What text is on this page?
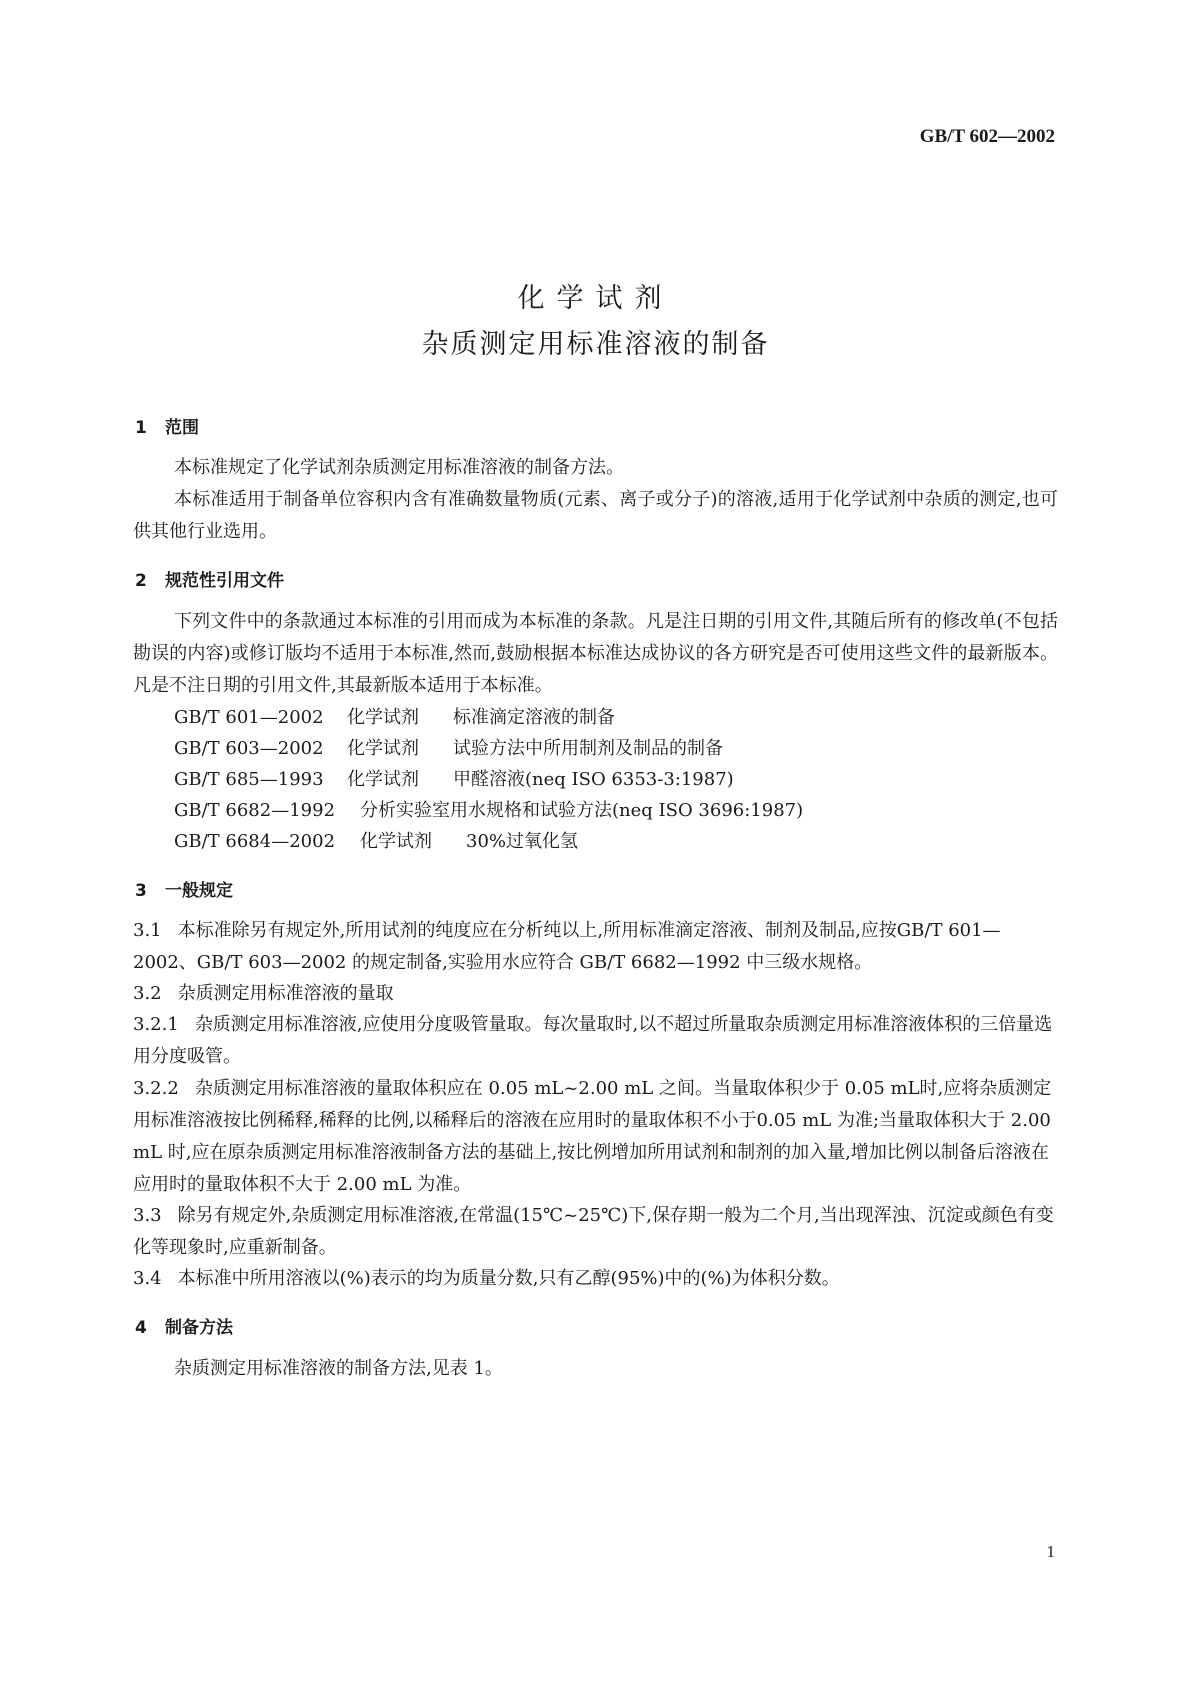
GB/T 602—2002
化学试剂
杂质测定用标准溶液的制备
1 范围
本标准规定了化学试剂杂质测定用标准溶液的制备方法。
本标准适用于制备单位容积内含有准确数量物质(元素、离子或分子)的溶液,适用于化学试剂中杂质的测定,也可供其他行业选用。
2 规范性引用文件
下列文件中的条款通过本标准的引用而成为本标准的条款。凡是注日期的引用文件,其随后所有的修改单(不包括勘误的内容)或修订版均不适用于本标准,然而,鼓励根据本标准达成协议的各方研究是否可使用这些文件的最新版本。凡是不注日期的引用文件,其最新版本适用于本标准。
GB/T 601—2002 化学试剂 标准滴定溶液的制备
GB/T 603—2002 化学试剂 试验方法中所用制剂及制品的制备
GB/T 685—1993 化学试剂 甲醛溶液(neq ISO 6353-3:1987)
GB/T 6682—1992 分析实验室用水规格和试验方法(neq ISO 3696:1987)
GB/T 6684—2002 化学试剂 30%过氧化氢
3 一般规定
3.1 本标准除另有规定外,所用试剂的纯度应在分析纯以上,所用标准滴定溶液、制剂及制品,应按GB/T 601—2002、GB/T 603—2002 的规定制备,实验用水应符合 GB/T 6682—1992 中三级水规格。
3.2 杂质测定用标准溶液的量取
3.2.1 杂质测定用标准溶液,应使用分度吸管量取。每次量取时,以不超过所量取杂质测定用标准溶液体积的三倍量选用分度吸管。
3.2.2 杂质测定用标准溶液的量取体积应在 0.05 mL~2.00 mL 之间。当量取体积少于 0.05 mL时,应将杂质测定用标准溶液按比例稀释,稀释的比例,以稀释后的溶液在应用时的量取体积不小于0.05 mL 为准;当量取体积大于 2.00 mL 时,应在原杂质测定用标准溶液制备方法的基础上,按比例增加所用试剂和制剂的加入量,增加比例以制备后溶液在应用时的量取体积不大于 2.00 mL 为准。
3.3 除另有规定外,杂质测定用标准溶液,在常温(15℃~25℃)下,保存期一般为二个月,当出现浑浊、沉淀或颜色有变化等现象时,应重新制备。
3.4 本标准中所用溶液以(%)表示的均为质量分数,只有乙醇(95%)中的(%)为体积分数。
4 制备方法
杂质测定用标准溶液的制备方法,见表 1。
1
